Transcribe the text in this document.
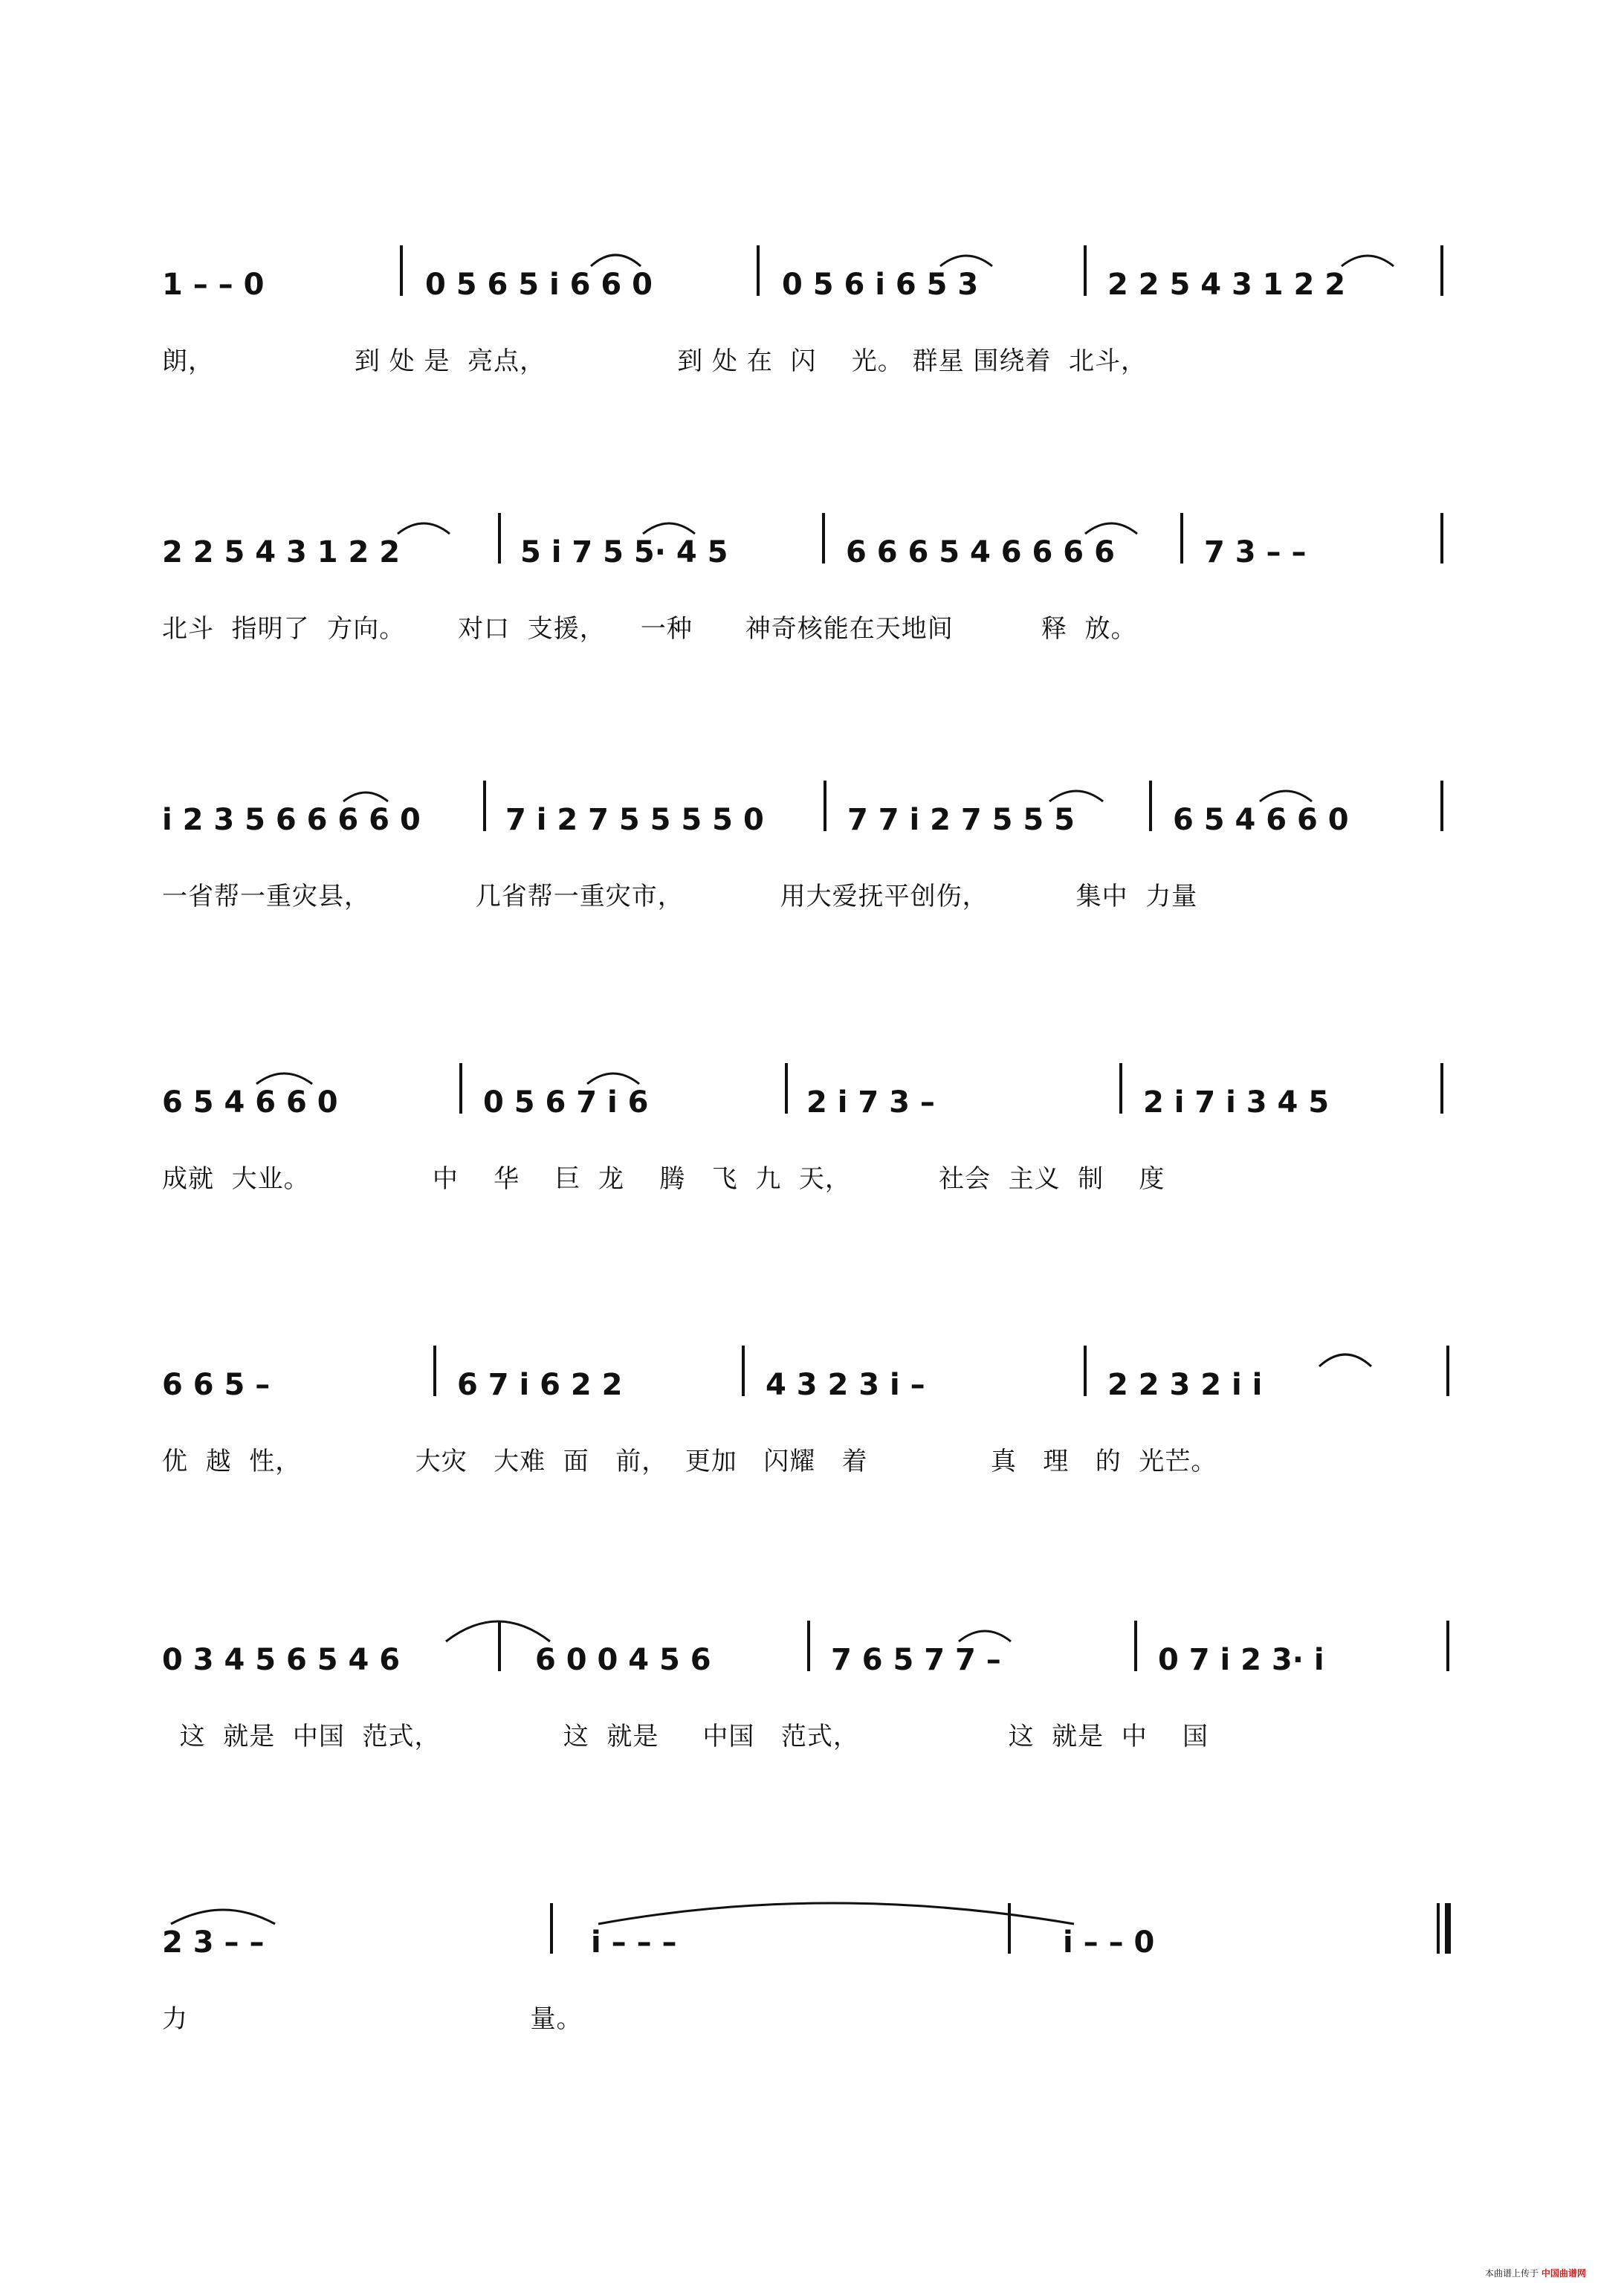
1 – – 0	0 5 6 5 i 6 6 0	0 5 6 i 6 5 3	2 2 5 4 3 1 2 2
朗，                到 处 是  亮点，               到 处 在  闪    光。 群星 围绕着  北斗，
2 2 5 4 3 1 2 2	5 i 7 5 5· 4 5	6 6 6 5 4 6 6 6 6	7 3 – –
北斗  指明了  方向。      对口  支援，    一种      神奇核能在天地间          释  放。
i 2 3 5 6 6 6 6 0	7 i 2 7 5 5 5 5 0	7 7 i 2 7 5 5 5	6 5 4 6 6 0
一省帮一重灾县，            几省帮一重灾市，           用大爱抚平创伤，          集中  力量
6 5 4 6 6 0	0 5 6 7 i 6	2 i 7 3 –	2 i 7 i 3 4 5
成就  大业。              中    华    巨  龙    腾   飞  九  天，          社会  主义  制    度
6 6 5 –	6 7 i 6 2 2	4 3 2 3 i –	2 2 3 2 i i
优  越  性，             大灾   大难  面   前，  更加   闪耀   着              真   理   的  光芒。
0 3 4 5 6 5 4 6	6 0 0 4 5 6	7 6 5 7 7 –	0 7 i 2 3· i
这  就是  中国  范式，              这  就是     中国   范式，                 这  就是  中    国
2 3 – –	i – – –	i – – 0
力                                       量。
本曲谱上传于 中国曲谱网
